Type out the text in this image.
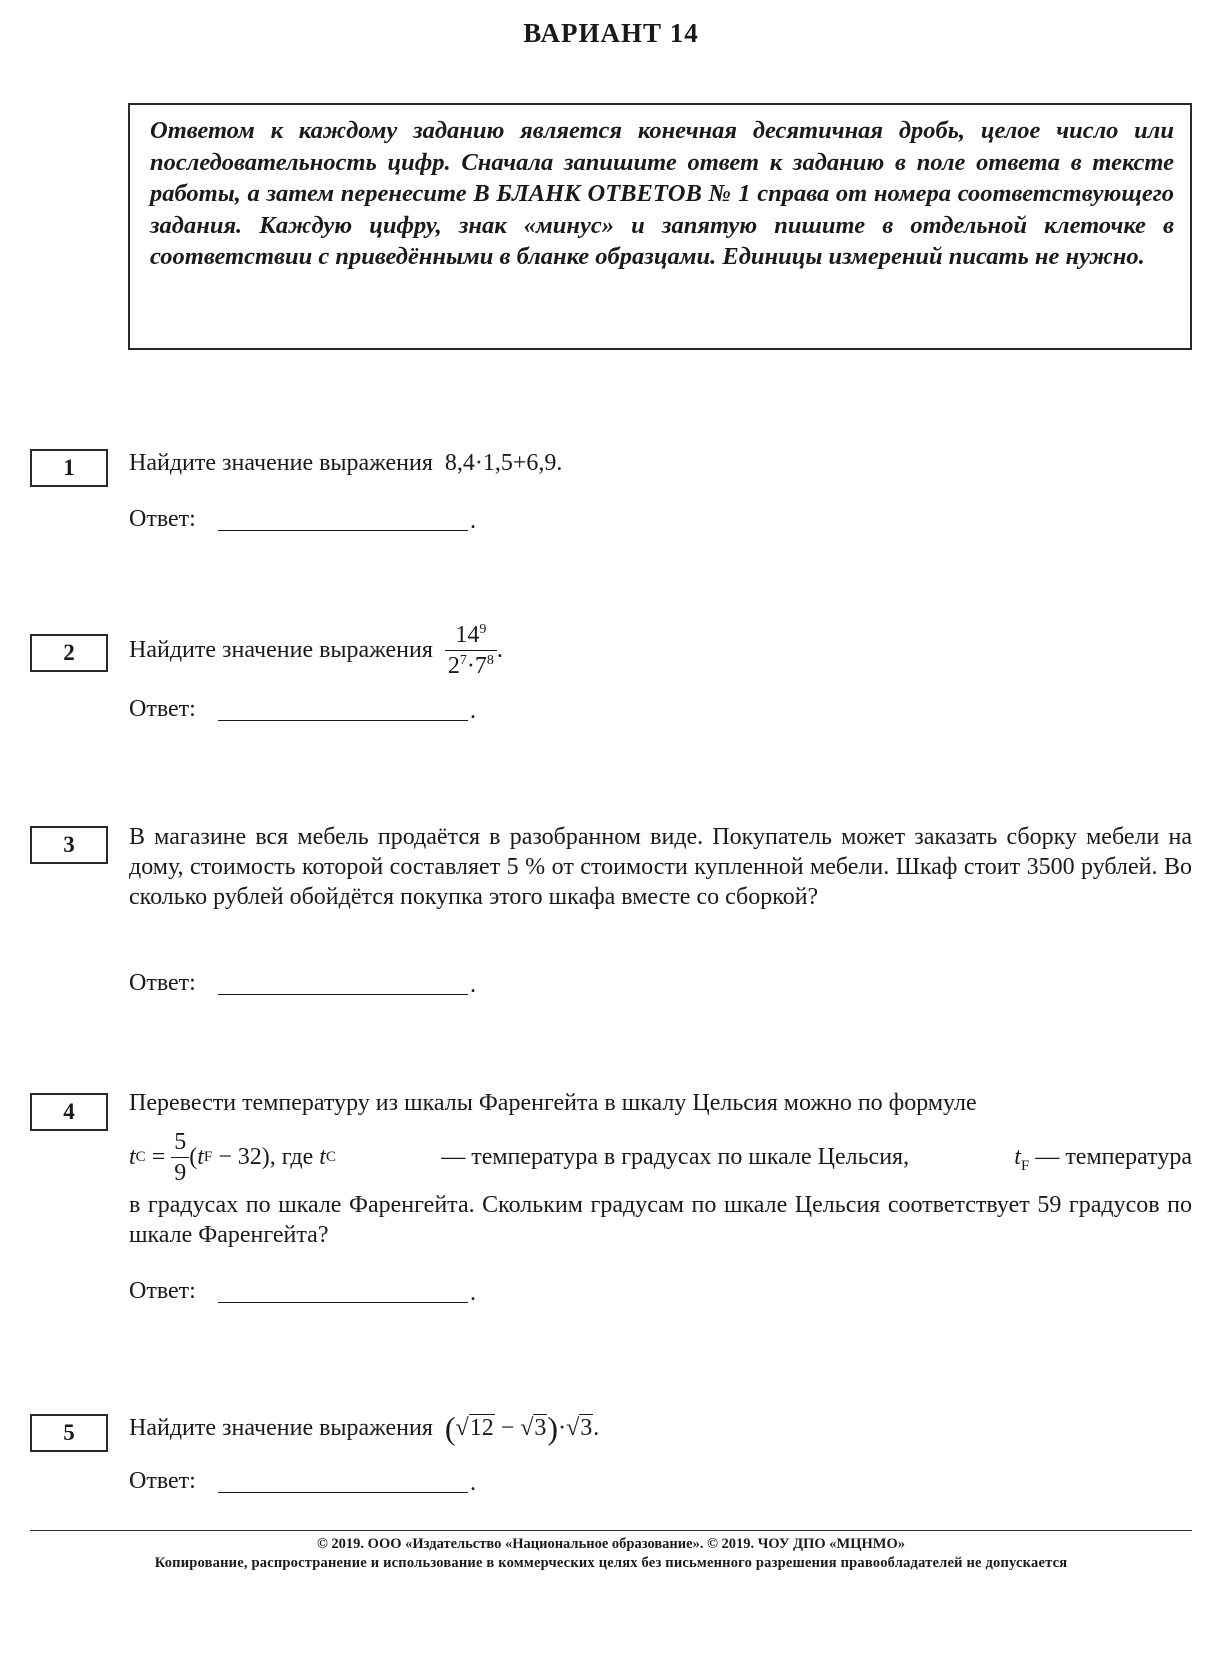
ВАРИАНТ 14
Ответом к каждому заданию является конечная десятичная дробь, целое число или последовательность цифр. Сначала запишите ответ к заданию в поле ответа в тексте работы, а затем перенесите В БЛАНК ОТВЕТОВ № 1 справа от номера соответствующего задания. Каждую цифру, знак «минус» и запятую пишите в отдельной клеточке в соответствии с приведёнными в бланке образцами. Единицы измерений писать не нужно.
1	Найдите значение выражения 8,4·1,5+6,9.
Ответ:	.
2	Найдите значение выражения
$\frac{14^9}{2^7\cdot 7^8}$ .
Ответ:	.
3	В магазине вся мебель продаётся в разобранном виде. Покупатель может заказать сборку мебели на дому, стоимость которой составляет 5 % от стоимости купленной мебели. Шкаф стоит 3500 рублей. Во сколько рублей обойдётся покупка этого шкафа вместе со сборкой?
Ответ:	.
4	Перевести температуру из шкалы Фаренгейта в шкалу Цельсия можно по формуле
t $C = \frac{5}{9}$ ( t F − 32) , где t C	— температура в градусах по шкале Цельсия,	$t_F$ — температура
в градусах по шкале Фаренгейта. Скольким градусам по шкале Цельсия соответствует 59 градусов по шкале Фаренгейта?
Ответ:	.
5	Найдите значение выражения
( √12 − √3 ) · √3 .
Ответ:	.
© 2019. ООО «Издательство «Национальное образование». © 2019. ЧОУ ДПО «МЦНМО»
Копирование, распространение и использование в коммерческих целях без письменного разрешения правообладателей не допускается
